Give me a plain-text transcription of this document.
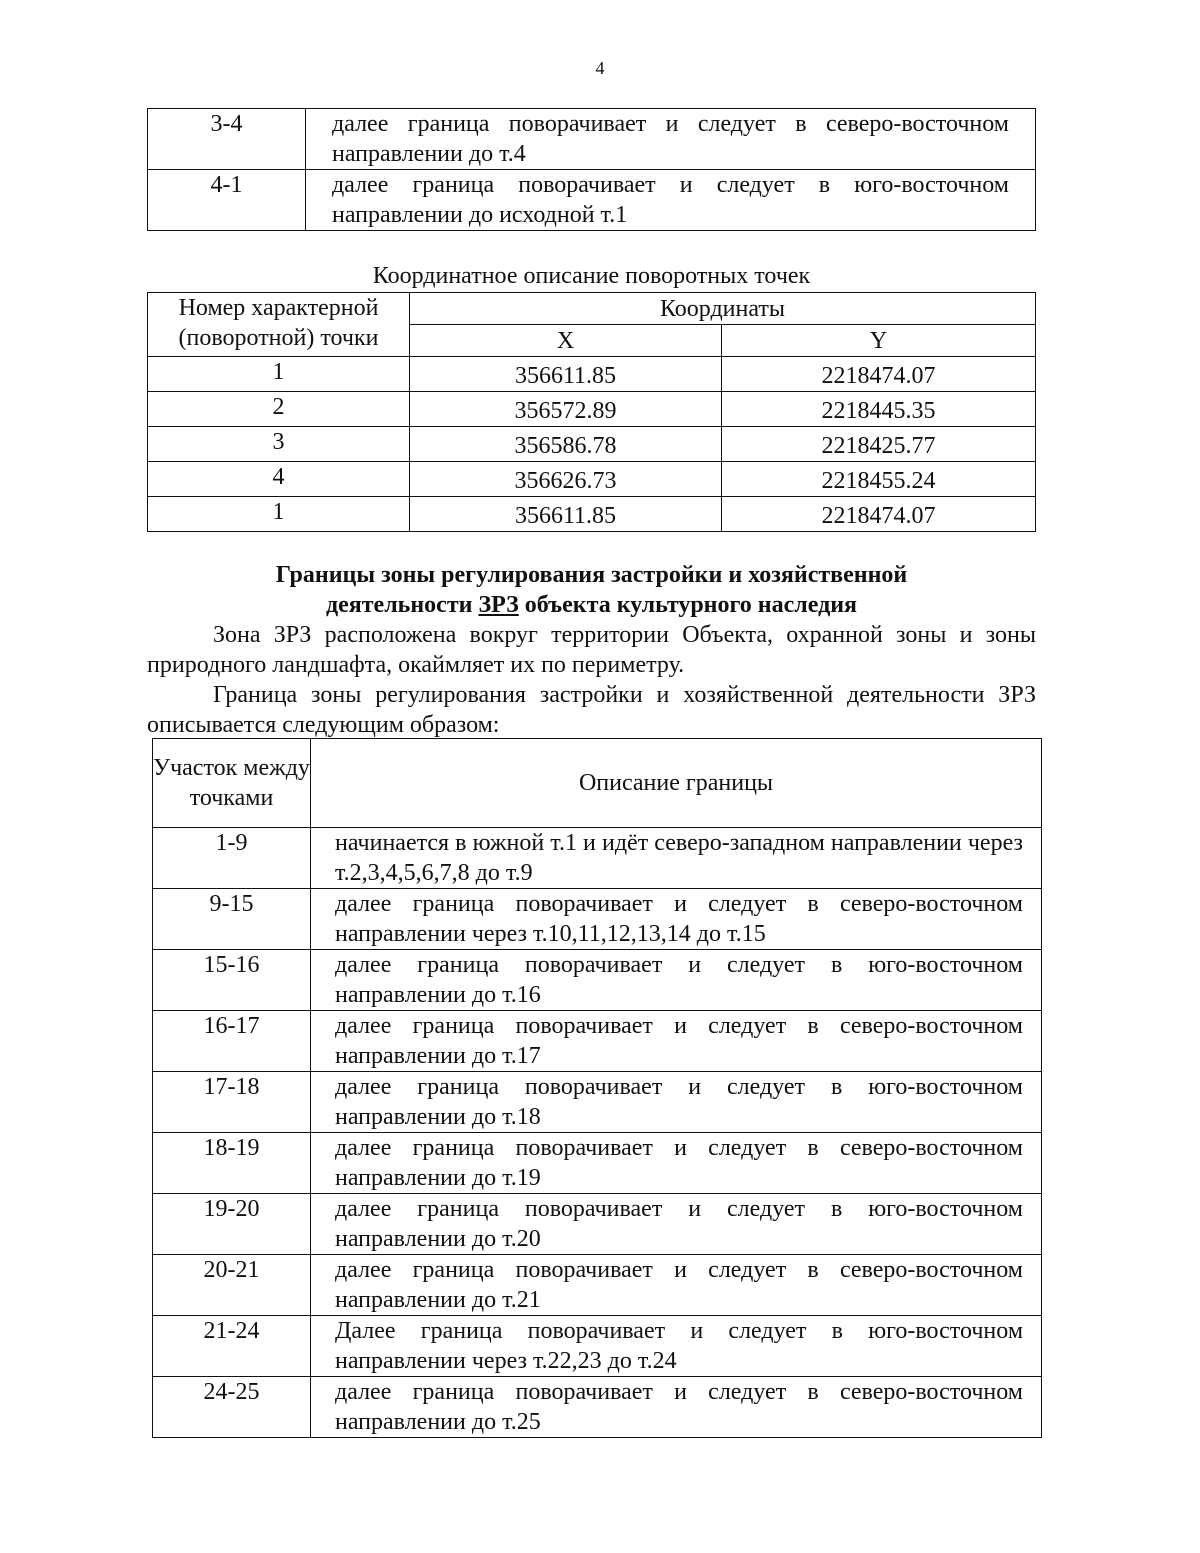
4
3-4	далее граница поворачивает и следует в северо-восточном направлении до т.4
4-1	далее граница поворачивает и следует в юго-восточном направлении до исходной т.1
Координатное описание поворотных точек
Номер характерной (поворотной) точки	Координаты	
	X	Y
1	356611.85	2218474.07
2	356572.89	2218445.35
3	356586.78	2218425.77
4	356626.73	2218455.24
1	356611.85	2218474.07
Границы зоны регулирования застройки и хозяйственной
деятельности ЗРЗ объекта культурного наследия

Зона ЗРЗ расположена вокруг территории Объекта, охранной зоны и зоны природного ландшафта, окаймляет их по периметру.

Граница зоны регулирования застройки и хозяйственной деятельности ЗРЗ описывается следующим образом:

Участок между точками	Описание границы
1-9	начинается в южной т.1 и идёт северо-западном направлении через т.2,3,4,5,6,7,8 до т.9
9-15	далее граница поворачивает и следует в северо-восточном направлении через т.10,11,12,13,14 до т.15
15-16	далее граница поворачивает и следует в юго-восточном направлении до т.16
16-17	далее граница поворачивает и следует в северо-восточном направлении до т.17
17-18	далее граница поворачивает и следует в юго-восточном направлении до т.18
18-19	далее граница поворачивает и следует в северо-восточном направлении до т.19
19-20	далее граница поворачивает и следует в юго-восточном направлении до т.20
20-21	далее граница поворачивает и следует в северо-восточном направлении до т.21
21-24	Далее граница поворачивает и следует в юго-восточном направлении через т.22,23 до т.24
24-25	далее граница поворачивает и следует в северо-восточном направлении до т.25
